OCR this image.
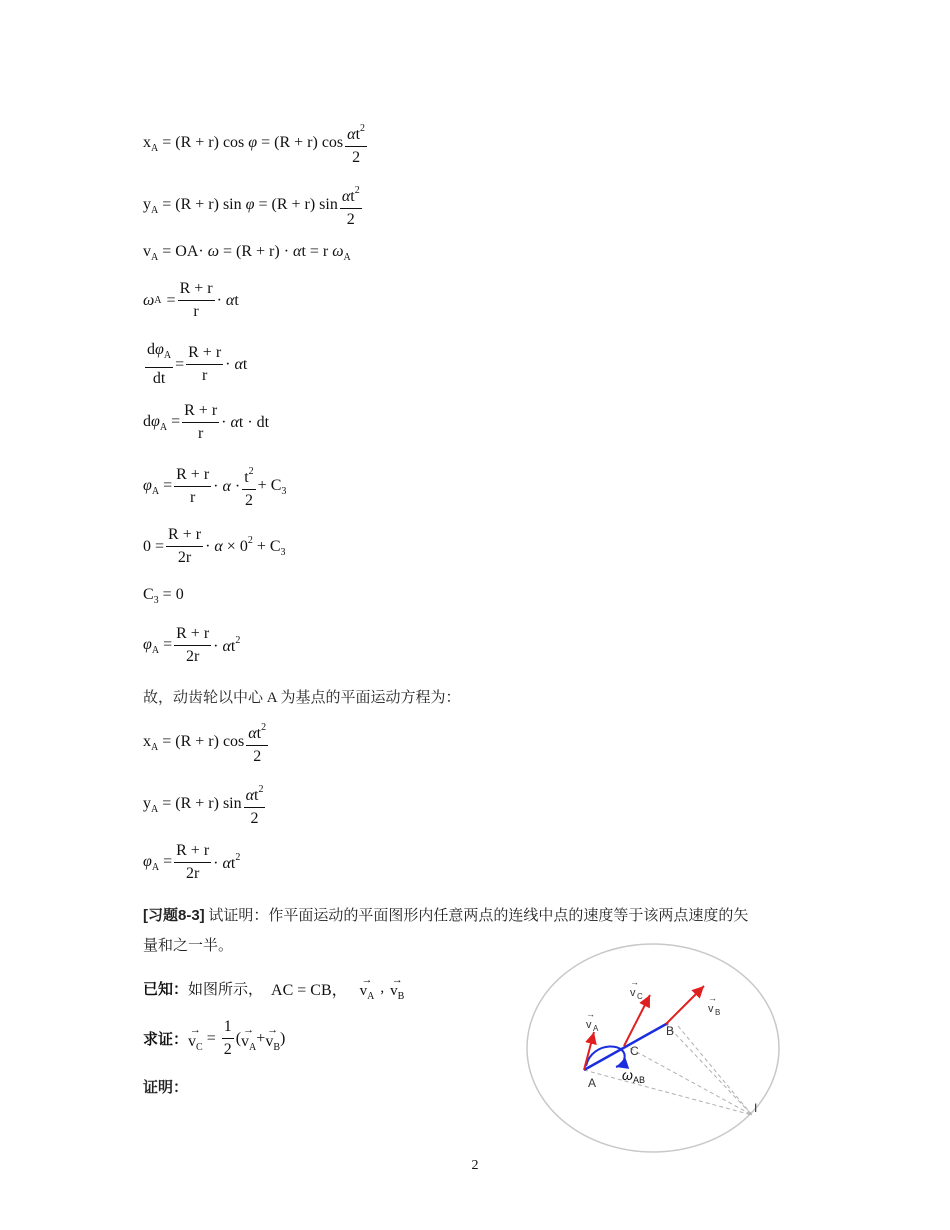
$x_A = (R + r)$ cos φ = (R + r) $\cos \frac{\alpha t^2}{2}$
$y_A = (R + r)$ sin φ = (R + r) $\sin \frac{\alpha t^2}{2}$
$v_A = OA\cdot \omega = (R + r) \cdot \alpha t = r$ $\omega_A$
ω $A = \frac{R + r}{r} \cdot \alpha t$
$\frac{d\varphi_A}{dt} = \frac{R + r}{r} \cdot \alpha t$
$d\varphi_A = \frac{R + r}{r} \cdot \alpha t$ · dt
$\varphi_A = \frac{R + r}{r} \cdot \alpha \cdot \frac{t^2}{2} + C_3$
$0 = \frac{R + r}{2r} \cdot \alpha \times 0^2 + C_3$
$C_3 = 0$
$\varphi_A = \frac{R + r}{2r} \cdot \alpha t^2$
故，动齿轮以中心 A 为基点的平面运动方程为：
$x_A = (R + r)$ $\cos \frac{\alpha t^2}{2}$
$y_A = (R + r)$ $\sin \frac{\alpha t^2}{2}$
$\varphi_A = \frac{R + r}{2r} \cdot \alpha t^2$
[习题8-3] 试证明：作平面运动的平面图形内任意两点的连线中点的速度等于该两点速度的矢
量和之一半。
已知： 如图所示， AC = CB，
→
$v_A$
, →
$v_B$
求证：
→
$v_C$
= $\frac{1}{2}$ ( →
$v_A$
+ →
$v_B$
)
证明：	A
C
B
I
ω AB
v
→
A
v
→
C
v
→
B
2
